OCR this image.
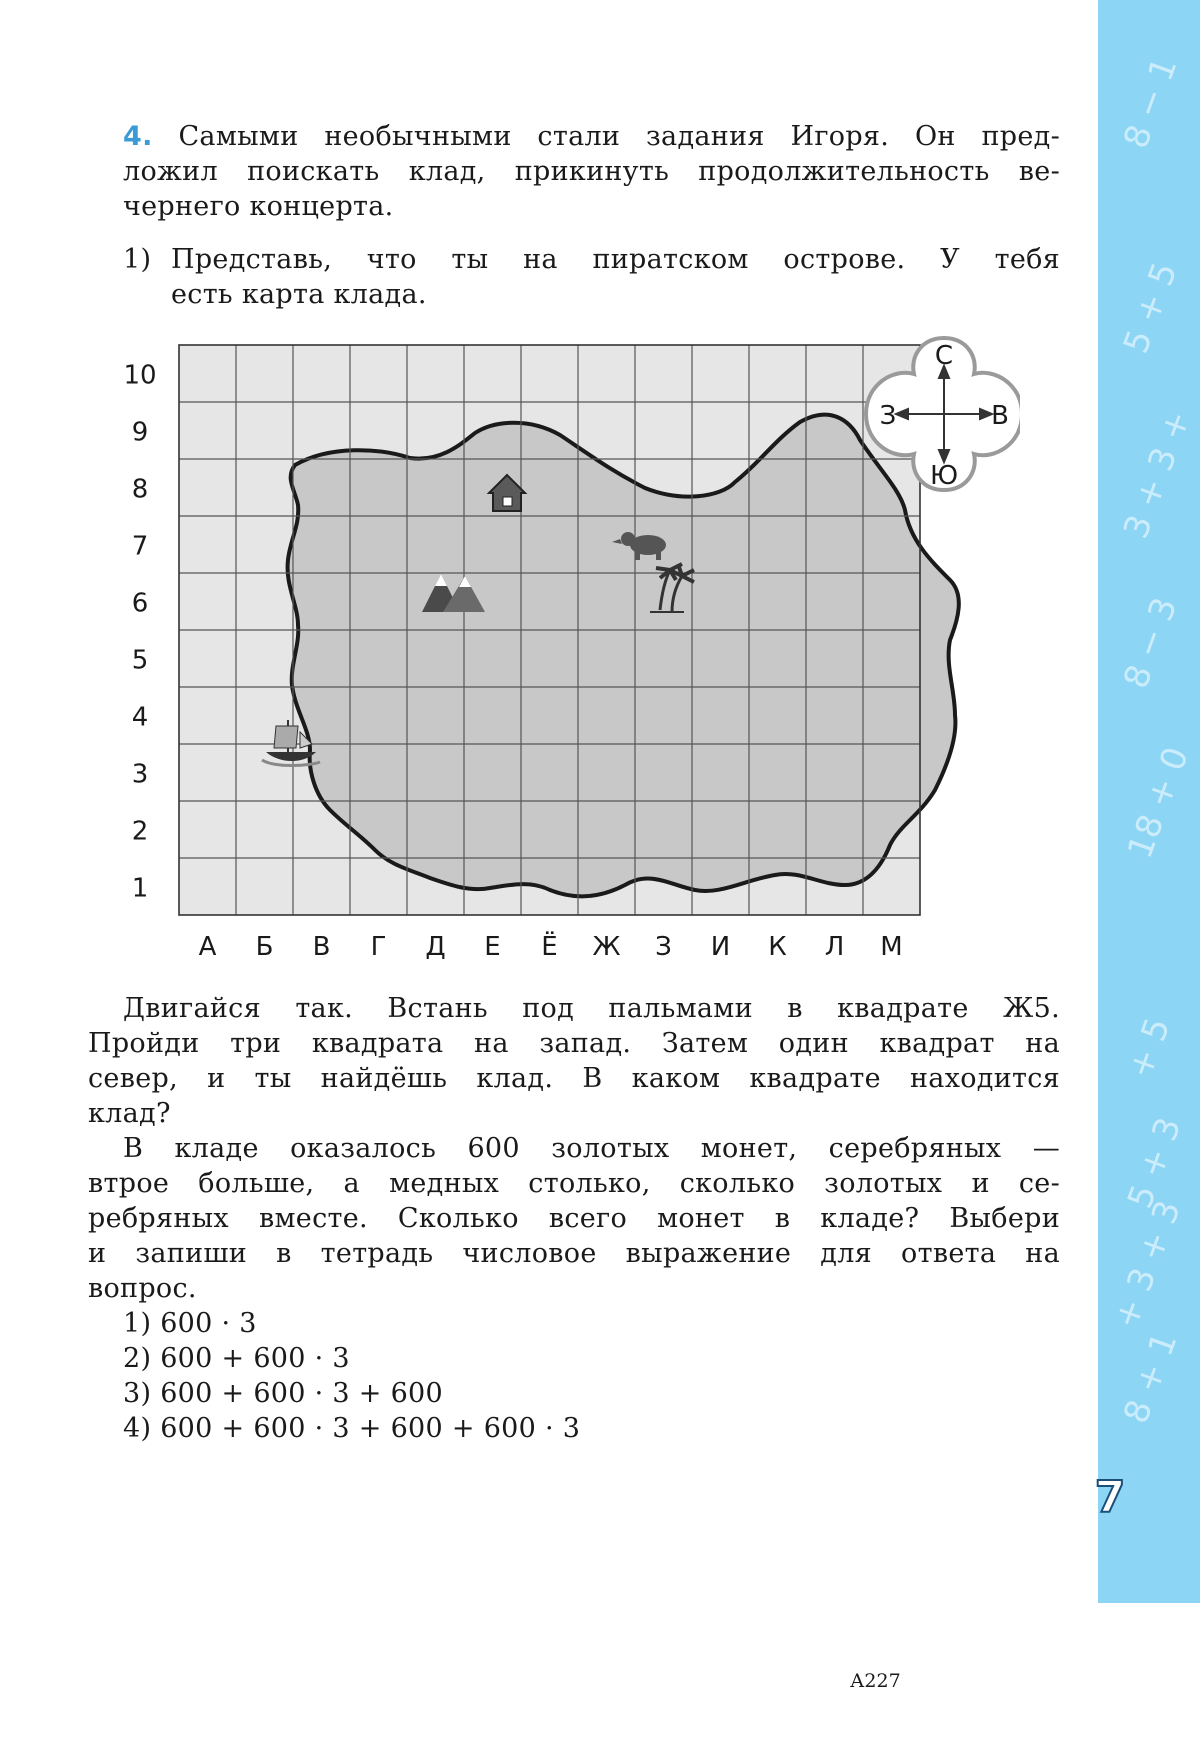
4. Самыми необычными стали задания Игоря. Он пред-
ложил поискать клад, прикинуть продолжительность ве-
чернего концерта.
1) Представь, что ты на пиратском острове. У тебя
есть карта клада.
10
9
8
7
6
5
4
3
2
1
А Б В Г Д Е Ё Ж З И К Л М
С
Ю
З	В
Двигайся так. Встань под пальмами в квадрате Ж5.
Пройди три квадрата на запад. Затем один квадрат на
север, и ты найдёшь клад. В каком квадрате находится
клад?
В кладе оказалось 600 золотых монет, серебряных —
втрое больше, а медных столько, сколько золотых и се-
ребряных вместе. Сколько всего монет в кладе? Выбери
и запиши в тетрадь числовое выражение для ответа на
вопрос.
1) 600 · 3
2) 600 + 600 · 3
3) 600 + 600 · 3 + 600
4) 600 + 600 · 3 + 600 + 600 · 3
8 − 1
5 + 5
3 + 3 +
8 − 3
18 + 0
+ 5
5 + 3
+ 3 + 3
8 + 1
7
А227
